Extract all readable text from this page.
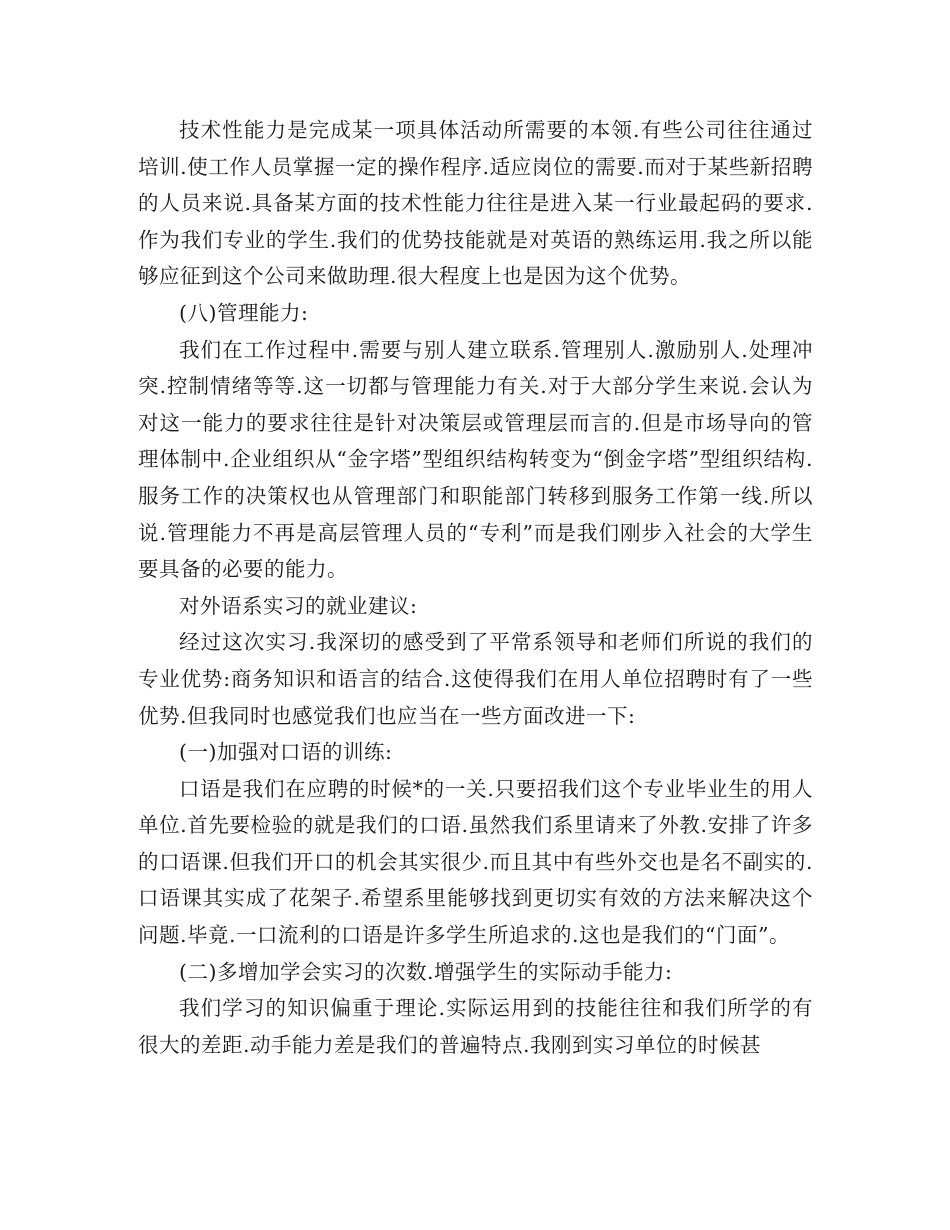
技术性能力是完成某一项具体活动所需要的本领.有些公司往往通过培训.使工作人员掌握一定的操作程序.适应岗位的需要.而对于某些新招聘的人员来说.具备某方面的技术性能力往往是进入某一行业最起码的要求.作为我们专业的学生.我们的优势技能就是对英语的熟练运用.我之所以能够应征到这个公司来做助理.很大程度上也是因为这个优势。

(八)管理能力:

我们在工作过程中.需要与别人建立联系.管理别人.激励别人.处理冲突.控制情绪等等.这一切都与管理能力有关.对于大部分学生来说.会认为对这一能力的要求往往是针对决策层或管理层而言的.但是市场导向的管理体制中.企业组织从“金字塔”型组织结构转变为“倒金字塔”型组织结构.服务工作的决策权也从管理部门和职能部门转移到服务工作第一线.所以说.管理能力不再是高层管理人员的“专利”而是我们刚步入社会的大学生要具备的必要的能力。

对外语系实习的就业建议:

经过这次实习.我深切的感受到了平常系领导和老师们所说的我们的专业优势:商务知识和语言的结合.这使得我们在用人单位招聘时有了一些优势.但我同时也感觉我们也应当在一些方面改进一下:

(一)加强对口语的训练:

口语是我们在应聘的时候*的一关.只要招我们这个专业毕业生的用人单位.首先要检验的就是我们的口语.虽然我们系里请来了外教.安排了许多的口语课.但我们开口的机会其实很少.而且其中有些外交也是名不副实的.口语课其实成了花架子.希望系里能够找到更切实有效的方法来解决这个问题.毕竟.一口流利的口语是许多学生所追求的.这也是我们的“门面”。

(二)多增加学会实习的次数.增强学生的实际动手能力:

我们学习的知识偏重于理论.实际运用到的技能往往和我们所学的有很大的差距.动手能力差是我们的普遍特点.我刚到实习单位的时候甚
